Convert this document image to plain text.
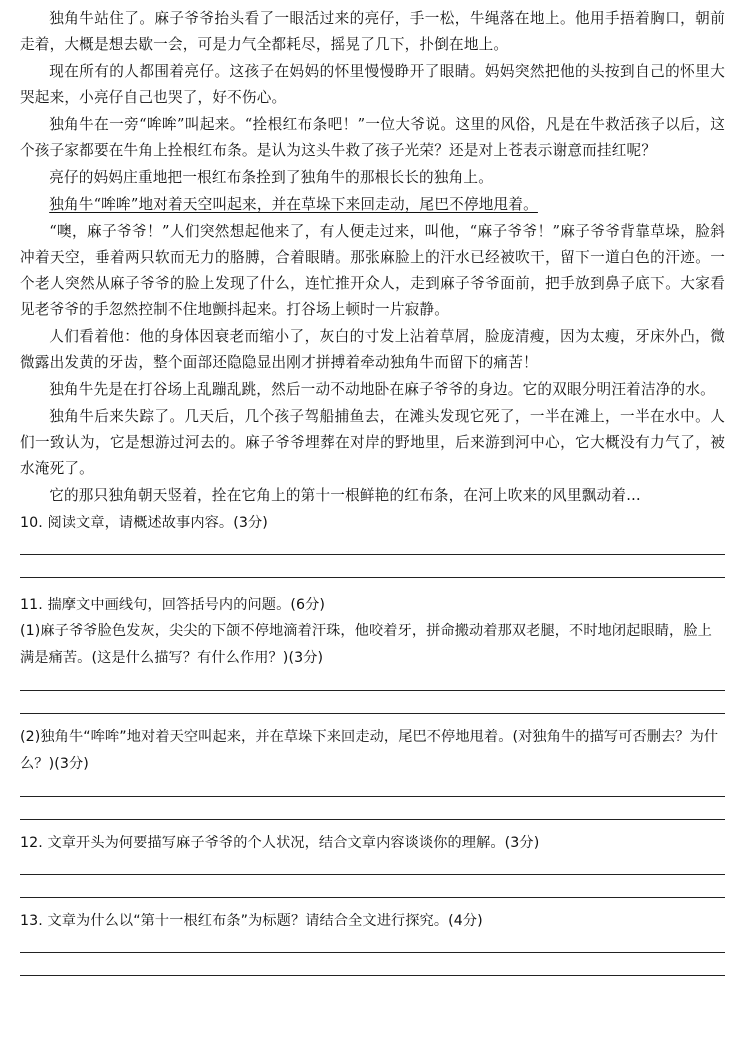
独角牛站住了。麻子爷爷抬头看了一眼活过来的亮仔，手一松，牛绳落在地上。他用手捂着胸口，朝前走着，大概是想去歇一会，可是力气全都耗尽，摇晃了几下，扑倒在地上。

现在所有的人都围着亮仔。这孩子在妈妈的怀里慢慢睁开了眼睛。妈妈突然把他的头按到自己的怀里大哭起来，小亮仔自己也哭了，好不伤心。

独角牛在一旁“哞哞”叫起来。“拴根红布条吧！”一位大爷说。这里的风俗，凡是在牛救活孩子以后，这个孩子家都要在牛角上拴根红布条。是认为这头牛救了孩子光荣？还是对上苍表示谢意而挂红呢？

亮仔的妈妈庄重地把一根红布条拴到了独角牛的那根长长的独角上。

独角牛“哞哞”地对着天空叫起来，并在草垛下来回走动，尾巴不停地甩着。

“噢，麻子爷爷！”人们突然想起他来了，有人便走过来，叫他，“麻子爷爷！”麻子爷爷背靠草垛，脸斜冲着天空，垂着两只软而无力的胳膊，合着眼睛。那张麻脸上的汗水已经被吹干，留下一道白色的汗迹。一个老人突然从麻子爷爷的脸上发现了什么，连忙推开众人，走到麻子爷爷面前，把手放到鼻子底下。大家看见老爷爷的手忽然控制不住地颤抖起来。打谷场上顿时一片寂静。

人们看着他：他的身体因衰老而缩小了，灰白的寸发上沾着草屑，脸庞清瘦，因为太瘦，牙床外凸，微微露出发黄的牙齿，整个面部还隐隐显出刚才拼搏着牵动独角牛而留下的痛苦！

独角牛先是在打谷场上乱蹦乱跳，然后一动不动地卧在麻子爷爷的身边。它的双眼分明汪着洁净的水。

独角牛后来失踪了。几天后，几个孩子驾船捕鱼去，在滩头发现它死了，一半在滩上，一半在水中。人们一致认为，它是想游过河去的。麻子爷爷埋葬在对岸的野地里，后来游到河中心，它大概没有力气了，被水淹死了。

它的那只独角朝天竖着，拴在它角上的第十一根鲜艳的红布条，在河上吹来的风里飘动着…

10. 阅读文章，请概述故事内容。(3分)

11. 揣摩文中画线句，回答括号内的问题。(6分)

(1)麻子爷爷脸色发灰，尖尖的下颌不停地滴着汗珠，他咬着牙，拼命搬动着那双老腿，不时地闭起眼睛，脸上满是痛苦。(这是什么描写？有什么作用？)(3分)

(2)独角牛“哞哞”地对着天空叫起来，并在草垛下来回走动，尾巴不停地甩着。(对独角牛的描写可否删去？为什么？)(3分)

12. 文章开头为何要描写麻子爷爷的个人状况，结合文章内容谈谈你的理解。(3分)

13. 文章为什么以“第十一根红布条”为标题？请结合全文进行探究。(4分)
